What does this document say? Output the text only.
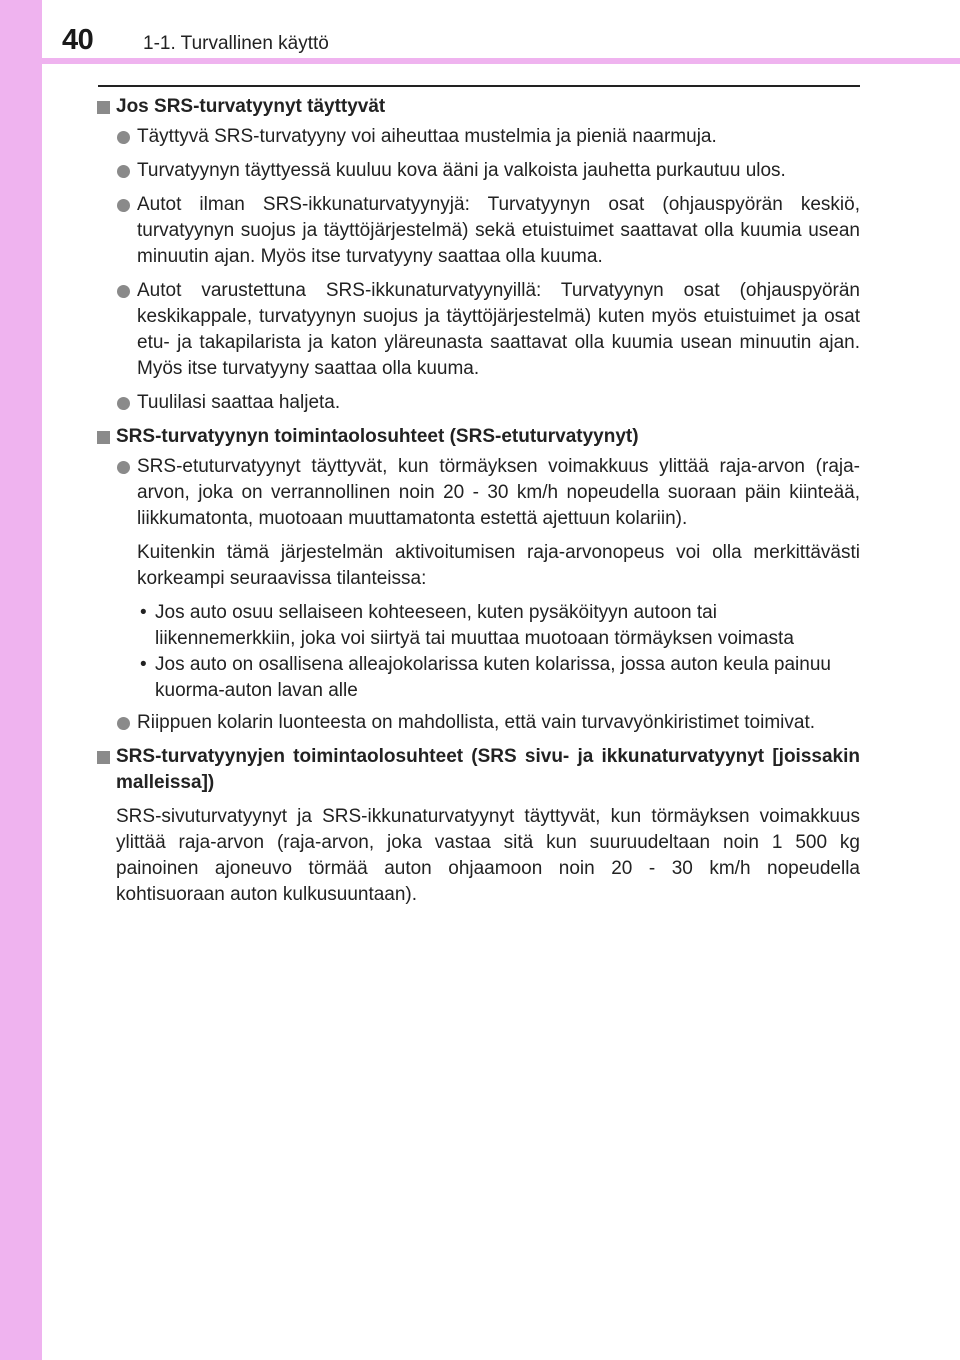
40	1-1. Turvallinen käyttö
Jos SRS-turvatyynyt täyttyvät
Täyttyvä SRS-turvatyyny voi aiheuttaa mustelmia ja pieniä naarmuja.
Turvatyynyn täyttyessä kuuluu kova ääni ja valkoista jauhetta purkautuu ulos.
Autot ilman SRS-ikkunaturvatyynyjä: Turvatyynyn osat (ohjauspyörän keskiö, turvatyynyn suojus ja täyttöjärjestelmä) sekä etuistuimet saattavat olla kuumia usean minuutin ajan. Myös itse turvatyyny saattaa olla kuuma.
Autot varustettuna SRS-ikkunaturvatyynyillä: Turvatyynyn osat (ohjauspyörän keskikappale, turvatyynyn suojus ja täyttöjärjestelmä) kuten myös etuistuimet ja osat etu- ja takapilarista ja katon yläreunasta saattavat olla kuumia usean minuutin ajan. Myös itse turvatyyny saattaa olla kuuma.
Tuulilasi saattaa haljeta.
SRS-turvatyynyn toimintaolosuhteet (SRS-etuturvatyynyt)
SRS-etuturvatyynyt täyttyvät, kun törmäyksen voimakkuus ylittää raja-arvon (raja-arvon, joka on verrannollinen noin 20 - 30 km/h nopeudella suoraan päin kiinteää, liikkumatonta, muotoaan muuttamatonta estettä ajettuun kolariin).
Kuitenkin tämä järjestelmän aktivoitumisen raja-arvonopeus voi olla merkittävästi korkeampi seuraavissa tilanteissa:
• Jos auto osuu sellaiseen kohteeseen, kuten pysäköityyn autoon tai liikennemerkkiin, joka voi siirtyä tai muuttaa muotoaan törmäyksen voimasta
• Jos auto on osallisena alleajokolarissa kuten kolarissa, jossa auton keula painuu kuorma-auton lavan alle
Riippuen kolarin luonteesta on mahdollista, että vain turvavyönkiristimet toimivat.
SRS-turvatyynyjen toimintaolosuhteet (SRS sivu- ja ikkunaturvatyynyt [joissakin malleissa])
SRS-sivuturvatyynyt ja SRS-ikkunaturvatyynyt täyttyvät, kun törmäyksen voimakkuus ylittää raja-arvon (raja-arvon, joka vastaa sitä kun suuruudeltaan noin 1 500 kg painoinen ajoneuvo törmää auton ohjaamoon noin 20 - 30 km/h nopeudella kohtisuoraan auton kulkusuuntaan).
